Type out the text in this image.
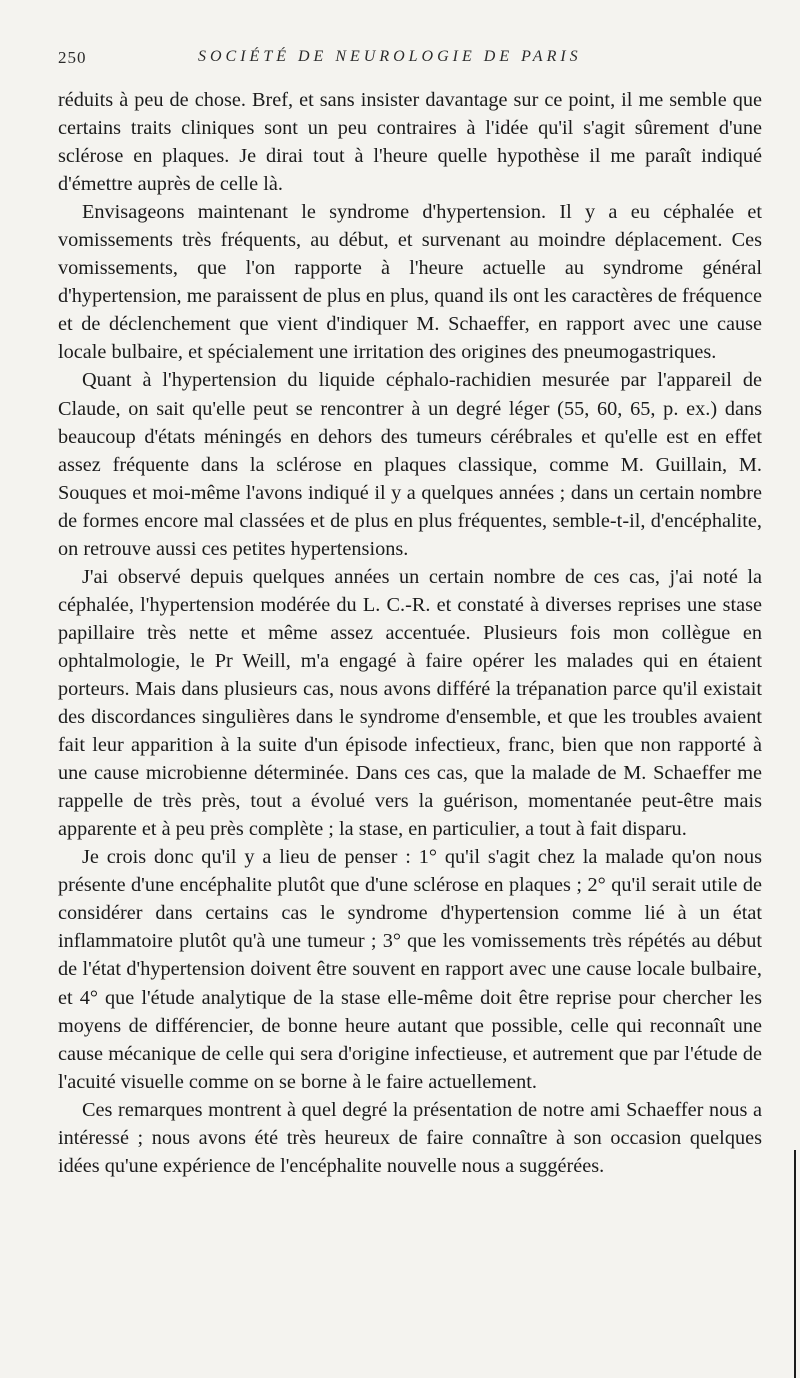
250	SOCIÉTÉ DE NEUROLOGIE DE PARIS

réduits à peu de chose. Bref, et sans insister davantage sur ce point, il me semble que certains traits cliniques sont un peu contraires à l'idée qu'il s'agit sûrement d'une sclérose en plaques. Je dirai tout à l'heure quelle hypothèse il me paraît indiqué d'émettre auprès de celle là.

Envisageons maintenant le syndrome d'hypertension. Il y a eu céphalée et vomissements très fréquents, au début, et survenant au moindre déplacement. Ces vomissements, que l'on rapporte à l'heure actuelle au syndrome général d'hypertension, me paraissent de plus en plus, quand ils ont les caractères de fréquence et de déclenchement que vient d'indiquer M. Schaeffer, en rapport avec une cause locale bulbaire, et spécialement une irritation des origines des pneumogastriques.

Quant à l'hypertension du liquide céphalo-rachidien mesurée par l'appareil de Claude, on sait qu'elle peut se rencontrer à un degré léger (55, 60, 65, p. ex.) dans beaucoup d'états méningés en dehors des tumeurs cérébrales et qu'elle est en effet assez fréquente dans la sclérose en plaques classique, comme M. Guillain, M. Souques et moi-même l'avons indiqué il y a quelques années ; dans un certain nombre de formes encore mal classées et de plus en plus fréquentes, semble-t-il, d'encéphalite, on retrouve aussi ces petites hypertensions.

J'ai observé depuis quelques années un certain nombre de ces cas, j'ai noté la céphalée, l'hypertension modérée du L. C.-R. et constaté à diverses reprises une stase papillaire très nette et même assez accentuée. Plusieurs fois mon collègue en ophtalmologie, le Pr Weill, m'a engagé à faire opérer les malades qui en étaient porteurs. Mais dans plusieurs cas, nous avons différé la trépanation parce qu'il existait des discordances singulières dans le syndrome d'ensemble, et que les troubles avaient fait leur apparition à la suite d'un épisode infectieux, franc, bien que non rapporté à une cause microbienne déterminée. Dans ces cas, que la malade de M. Schaeffer me rappelle de très près, tout a évolué vers la guérison, momentanée peut-être mais apparente et à peu près complète ; la stase, en particulier, a tout à fait disparu.

Je crois donc qu'il y a lieu de penser : 1° qu'il s'agit chez la malade qu'on nous présente d'une encéphalite plutôt que d'une sclérose en plaques ; 2° qu'il serait utile de considérer dans certains cas le syndrome d'hypertension comme lié à un état inflammatoire plutôt qu'à une tumeur ; 3° que les vomissements très répétés au début de l'état d'hypertension doivent être souvent en rapport avec une cause locale bulbaire, et 4° que l'étude analytique de la stase elle-même doit être reprise pour chercher les moyens de différencier, de bonne heure autant que possible, celle qui reconnaît une cause mécanique de celle qui sera d'origine infectieuse, et autrement que par l'étude de l'acuité visuelle comme on se borne à le faire actuellement.

Ces remarques montrent à quel degré la présentation de notre ami Schaeffer nous a intéressé ; nous avons été très heureux de faire connaître à son occasion quelques idées qu'une expérience de l'encéphalite nouvelle nous a suggérées.
